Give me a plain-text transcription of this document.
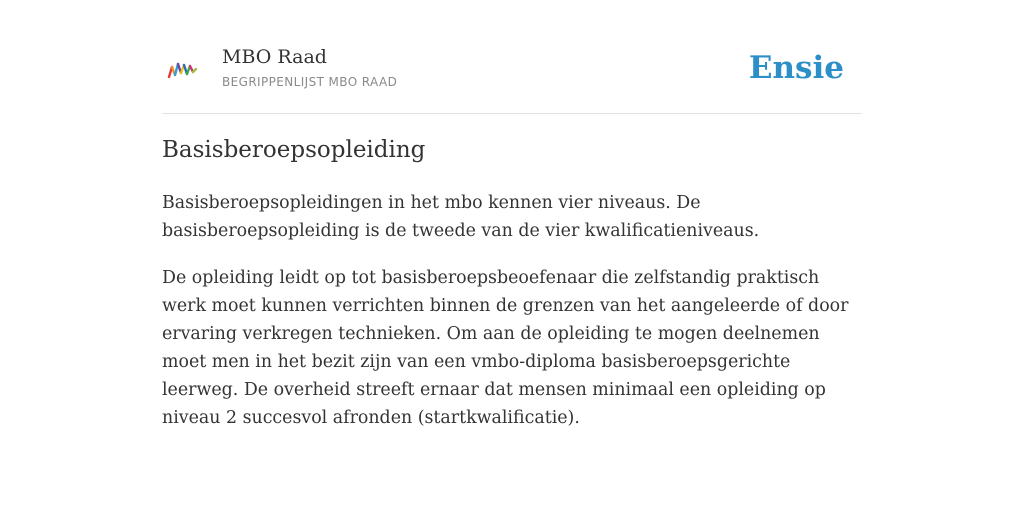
MBO Raad
BEGRIPPENLIJST MBO RAAD	Ensie
Basisberoepsopleiding

Basisberoepsopleidingen in het mbo kennen vier niveaus. De basisberoepsopleiding is de tweede van de vier kwalificatieniveaus.

De opleiding leidt op tot basisberoepsbeoefenaar die zelfstandig praktisch werk moet kunnen verrichten binnen de grenzen van het aangeleerde of door ervaring verkregen technieken. Om aan de opleiding te mogen deelnemen moet men in het bezit zijn van een vmbo-diploma basisberoepsgerichte leerweg. De overheid streeft ernaar dat mensen minimaal een opleiding op niveau 2 succesvol afronden (startkwalificatie).
